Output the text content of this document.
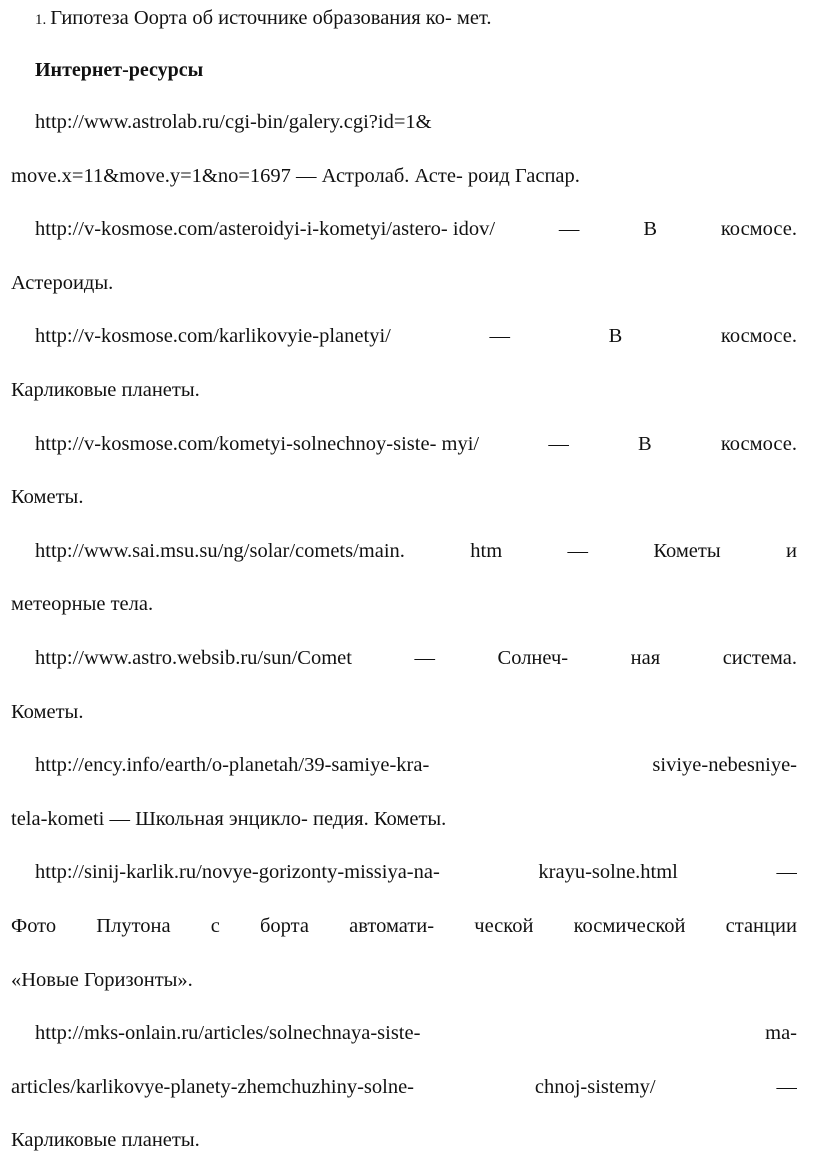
1. Гипотеза Оорта об источнике образования ко- мет.
Интернет-ресурсы
http://www.astrolab.ru/cgi-bin/galery.cgi?id=1&
move.x=11&move.y=1&no=1697 — Астролаб. Асте- роид Гаспар.
http://v-kosmose.com/asteroidyi-i-kometyi/astero- idov/	—	В	космосе.
Астероиды.
http://v-kosmose.com/karlikovyie-planetyi/	—	В	космосе.
Карликовые планеты.
http://v-kosmose.com/kometyi-solnechnoy-siste- myi/	—	В	космосе.
Кометы.
http://www.sai.msu.su/ng/solar/comets/main.	htm	—	Кометы	и
метеорные тела.
http://www.astro.websib.ru/sun/Comet	—	Солнеч-	ная	система.
Кометы.
http://ency.info/earth/o-planetah/39-samiye-kra-	siviye-nebesniye-
tela-kometi — Школьная энцикло- педия. Кометы.
http://sinij-karlik.ru/novye-gorizonty-missiya-na-	krayu-solne.html	—
Фото Плутона с борта автомати- ческой космической станции
«Новые Горизонты».
http://mks-onlain.ru/articles/solnechnaya-siste-	ma-
articles/karlikovye-planety-zhemchuzhiny-solne-	chnoj-sistemy/	—
Карликовые планеты.
